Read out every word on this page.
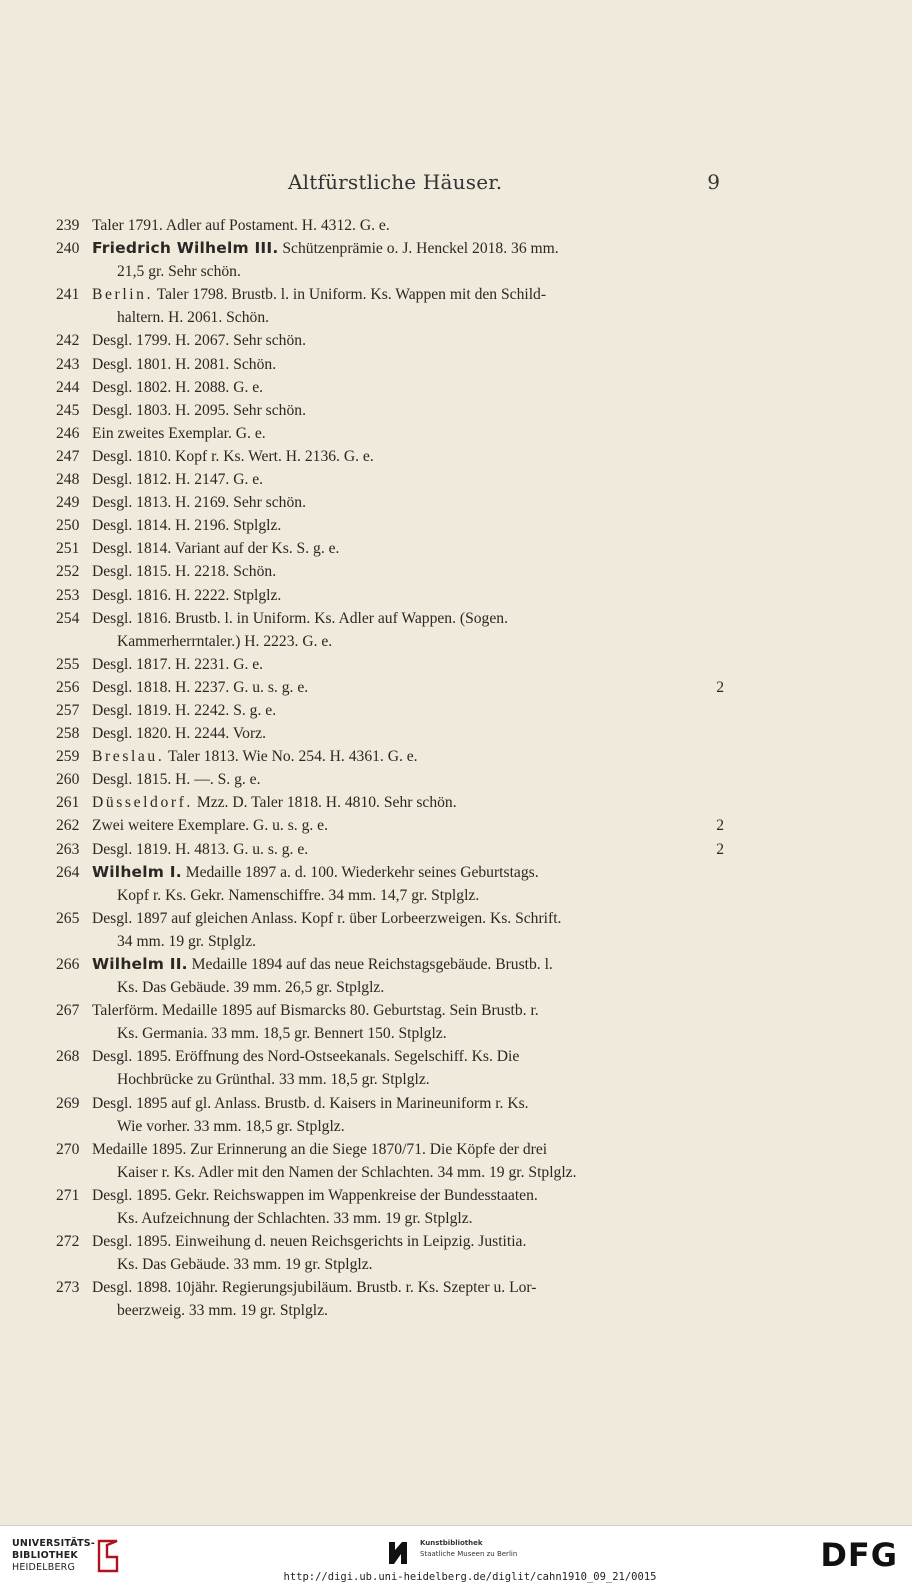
Altfürstliche Häuser.	9
239 Taler 1791. Adler auf Postament. H. 4312. G. e.
240 Friedrich Wilhelm III. Schützenprämie o. J. Henckel 2018. 36 mm.
21,5 gr. Sehr schön.
241 Berlin. Taler 1798. Brustb. l. in Uniform. Ks. Wappen mit den Schild-
haltern. H. 2061. Schön.
242 Desgl. 1799. H. 2067. Sehr schön.
243 Desgl. 1801. H. 2081. Schön.
244 Desgl. 1802. H. 2088. G. e.
245 Desgl. 1803. H. 2095. Sehr schön.
246 Ein zweites Exemplar. G. e.
247 Desgl. 1810. Kopf r. Ks. Wert. H. 2136. G. e.
248 Desgl. 1812. H. 2147. G. e.
249 Desgl. 1813. H. 2169. Sehr schön.
250 Desgl. 1814. H. 2196. Stplglz.
251 Desgl. 1814. Variant auf der Ks. S. g. e.
252 Desgl. 1815. H. 2218. Schön.
253 Desgl. 1816. H. 2222. Stplglz.
254 Desgl. 1816. Brustb. l. in Uniform. Ks. Adler auf Wappen. (Sogen.
Kammerherrntaler.) H. 2223. G. e.
255 Desgl. 1817. H. 2231. G. e.
256 Desgl. 1818. H. 2237. G. u. s. g. e.	2
257 Desgl. 1819. H. 2242. S. g. e.
258 Desgl. 1820. H. 2244. Vorz.
259 Breslau. Taler 1813. Wie No. 254. H. 4361. G. e.
260 Desgl. 1815. H. —. S. g. e.
261 Düsseldorf. Mzz. D. Taler 1818. H. 4810. Sehr schön.
262 Zwei weitere Exemplare. G. u. s. g. e.	2
263 Desgl. 1819. H. 4813. G. u. s. g. e.	2
264 Wilhelm I. Medaille 1897 a. d. 100. Wiederkehr seines Geburtstags.
Kopf r. Ks. Gekr. Namenschiffre. 34 mm. 14,7 gr. Stplglz.
265 Desgl. 1897 auf gleichen Anlass. Kopf r. über Lorbeerzweigen. Ks. Schrift.
34 mm. 19 gr. Stplglz.
266 Wilhelm II. Medaille 1894 auf das neue Reichstagsgebäude. Brustb. l.
Ks. Das Gebäude. 39 mm. 26,5 gr. Stplglz.
267 Talerförm. Medaille 1895 auf Bismarcks 80. Geburtstag. Sein Brustb. r.
Ks. Germania. 33 mm. 18,5 gr. Bennert 150. Stplglz.
268 Desgl. 1895. Eröffnung des Nord-Ostseekanals. Segelschiff. Ks. Die
Hochbrücke zu Grünthal. 33 mm. 18,5 gr. Stplglz.
269 Desgl. 1895 auf gl. Anlass. Brustb. d. Kaisers in Marineuniform r. Ks.
Wie vorher. 33 mm. 18,5 gr. Stplglz.
270 Medaille 1895. Zur Erinnerung an die Siege 1870/71. Die Köpfe der drei
Kaiser r. Ks. Adler mit den Namen der Schlachten. 34 mm. 19 gr. Stplglz.
271 Desgl. 1895. Gekr. Reichswappen im Wappenkreise der Bundesstaaten.
Ks. Aufzeichnung der Schlachten. 33 mm. 19 gr. Stplglz.
272 Desgl. 1895. Einweihung d. neuen Reichsgerichts in Leipzig. Justitia.
Ks. Das Gebäude. 33 mm. 19 gr. Stplglz.
273 Desgl. 1898. 10jähr. Regierungsjubiläum. Brustb. r. Ks. Szepter u. Lor-
beerzweig. 33 mm. 19 gr. Stplglz.
UNIVERSITÄTS-
BIBLIOTHEK
HEIDELBERG
Kunstbibliothek
Staatliche Museen zu Berlin	DFG
http://digi.ub.uni-heidelberg.de/diglit/cahn1910_09_21/0015
